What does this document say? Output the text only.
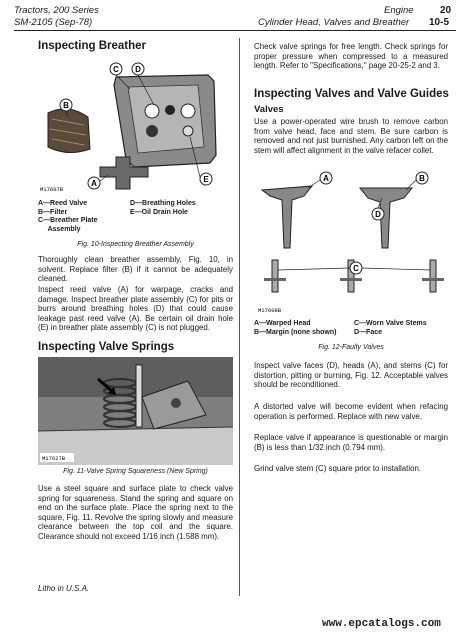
Tractors, 200 Series
SM-2105 (Sep-78)
Engine	20
Cylinder Head, Valves and Breather 10-5
Inspecting Breather
C D
B
A	E
M17607B
A—Reed Valve
B—Filter
C—Breather Plate
Assembly
D—Breathing Holes
E—Oil Drain Hole
Fig. 10-Inspecting Breather Assembly

Thoroughly clean breather assembly, Fig. 10, in solvent. Replace filter (B) if it cannot be adequately cleaned.

Inspect reed valve (A) for warpage, cracks and damage. Inspect breather plate assembly (C) for pits or burrs around breathing holes (D) that could cause leakage past reed valve (A). Be certain oil drain hole (E) in breather plate assembly (C) is not plugged.

Inspecting Valve Springs
M17627B
Fig. 11-Valve Spring Squareness (New Spring)

Use a steel square and surface plate to check valve spring for squareness. Stand the spring and square on end on the surface plate. Place the spring next to the square, Fig. 11. Revolve the spring slowly and measure clearance between the top coil and the square. Clearance should not exceed 1/16 inch (1.588 mm).

Litho in U.S.A.

Check valve springs for free length. Check springs for proper pressure when compressed to a measured length. Refer to "Specifications," page 20-25-2 and 3.

Inspecting Valves and Valve Guides
Valves

Use a power-operated wire brush to remove carbon from valve head, face and stem. Be sure carbon is removed and not just burnished. Any carbon left on the stem will affect alignment in the valve refacer collet.

A	B
D
C
M17608B
A—Warped Head
B—Margin (none shown)
C—Worn Valve Stems
D—Face
Fig. 12-Faulty Valves

Inspect valve faces (D), heads (A), and stems (C) for distortion, pitting or burning, Fig. 12. Acceptable valves should be reconditioned.

A distorted valve will become evident when refacing operation is performed. Replace with new valve.

Replace valve if appearance is questionable or margin (B) is less than 1/32 inch (0.794 mm).

Grind valve stem (C) square prior to installation.

www.epcatalogs.com
